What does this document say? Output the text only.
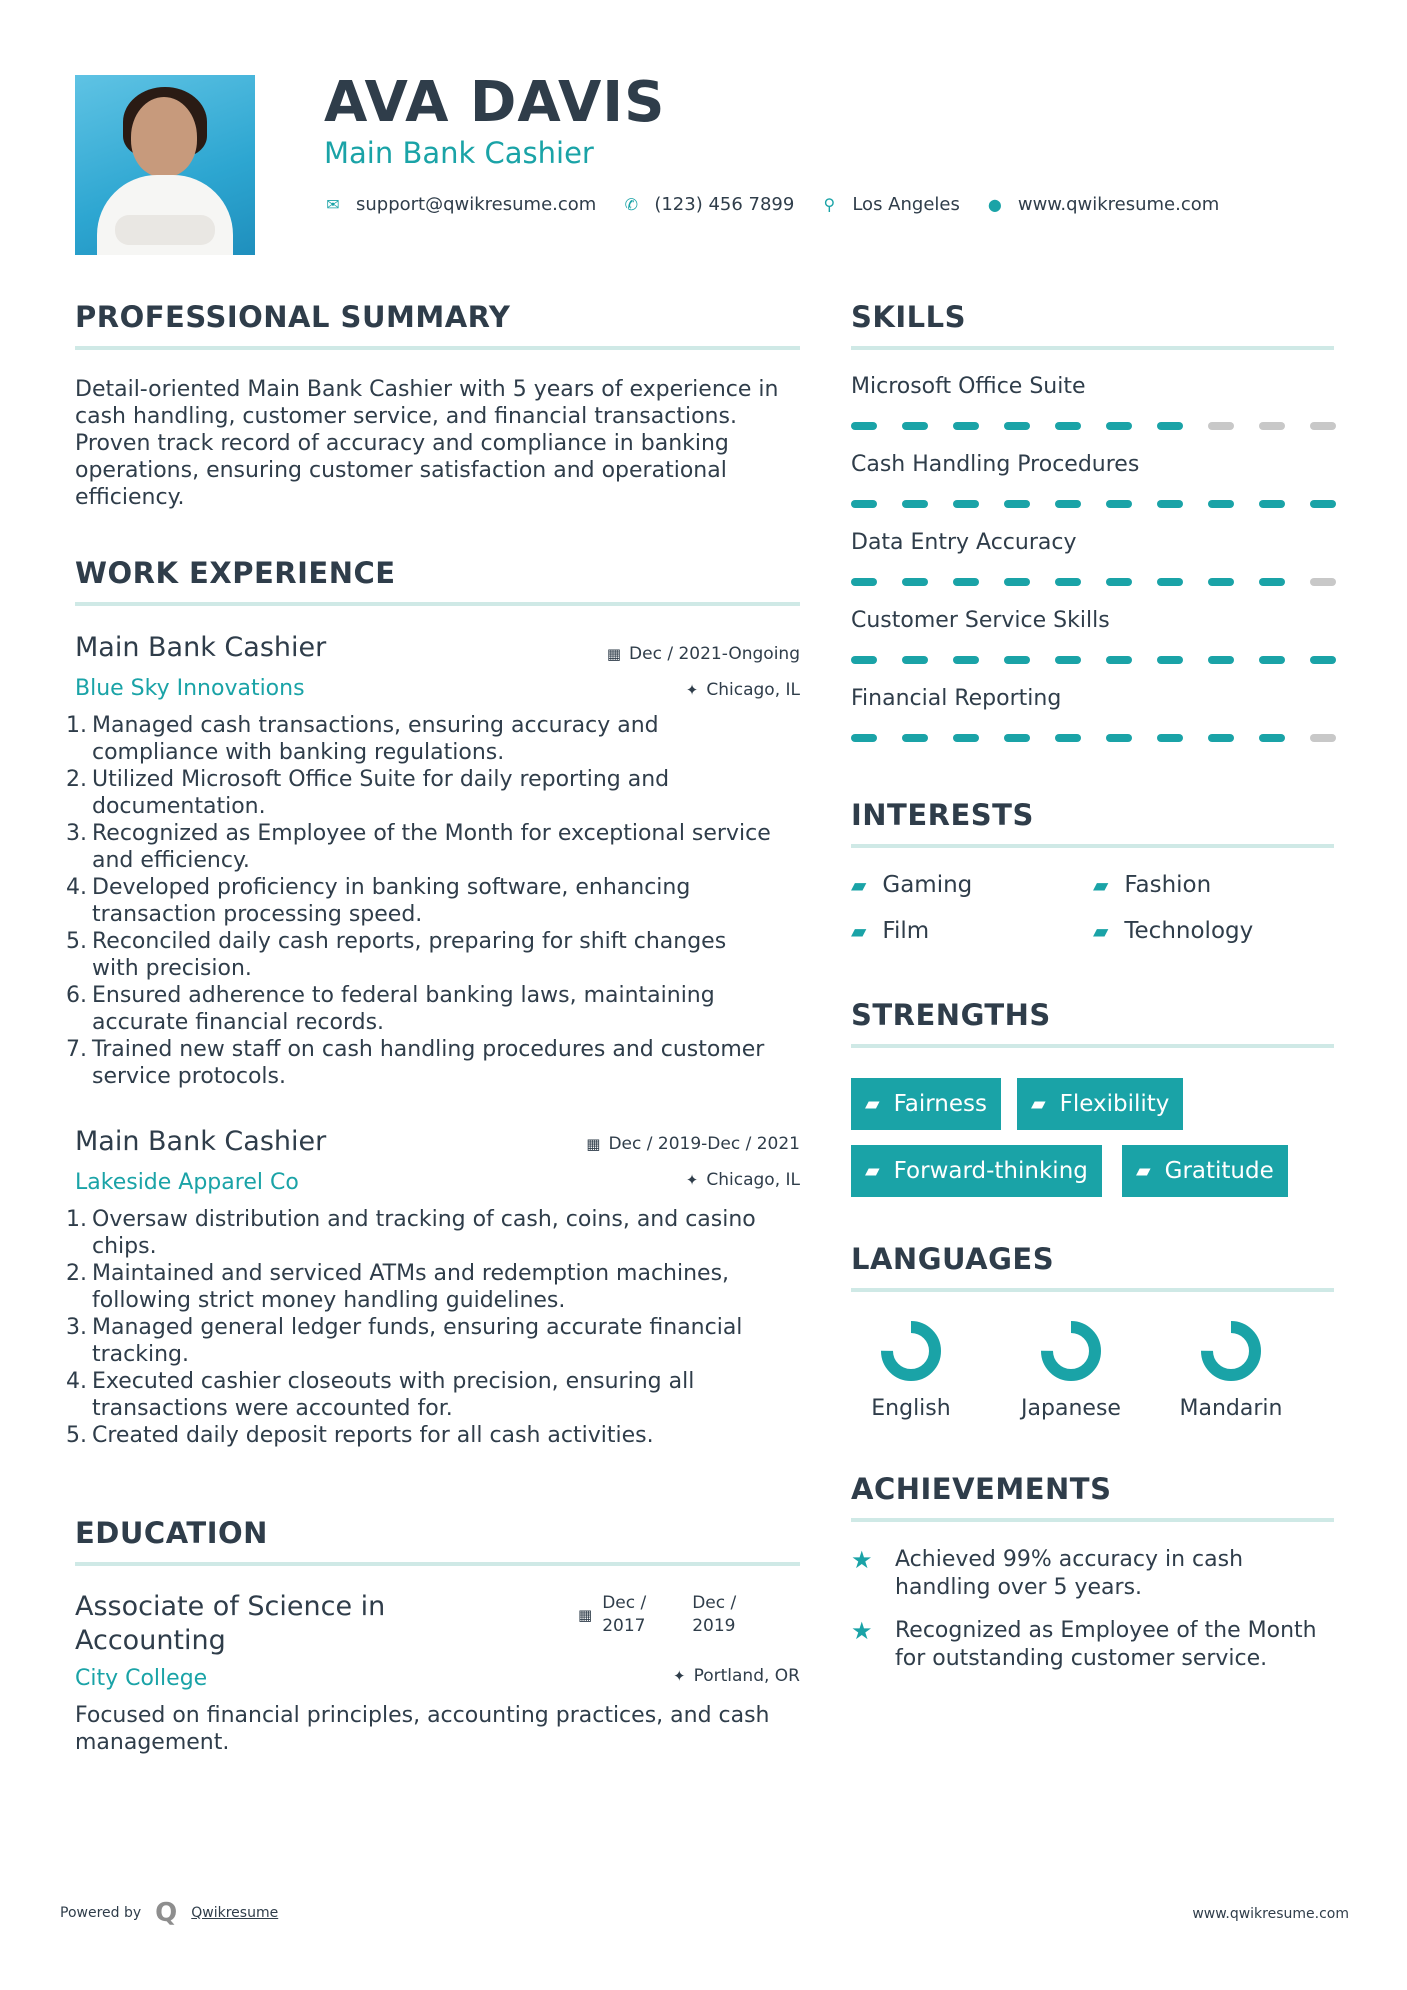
AVA DAVIS
Main Bank Cashier
✉ support@qwikresume.com ✆ (123) 456 7899 ⚲ Los Angeles ● www.qwikresume.com
PROFESSIONAL SUMMARY
Detail-oriented Main Bank Cashier with 5 years of experience in cash handling, customer service, and financial transactions. Proven track record of accuracy and compliance in banking operations, ensuring customer satisfaction and operational efficiency.
WORK EXPERIENCE
Main Bank Cashier
Blue Sky Innovations
▦ Dec / 2021-Ongoing
✦ Chicago, IL
1. Managed cash transactions, ensuring accuracy and
compliance with banking regulations.
2. Utilized Microsoft Office Suite for daily reporting and
documentation.
3. Recognized as Employee of the Month for exceptional service
and efficiency.
4. Developed proficiency in banking software, enhancing
transaction processing speed.
5. Reconciled daily cash reports, preparing for shift changes
with precision.
6. Ensured adherence to federal banking laws, maintaining
accurate financial records.
7. Trained new staff on cash handling procedures and customer
service protocols.
Main Bank Cashier
Lakeside Apparel Co
▦ Dec / 2019-Dec / 2021
✦ Chicago, IL
1. Oversaw distribution and tracking of cash, coins, and casino
chips.
2. Maintained and serviced ATMs and redemption machines,
following strict money handling guidelines.
3. Managed general ledger funds, ensuring accurate financial
tracking.
4. Executed cashier closeouts with precision, ensuring all
transactions were accounted for.
5. Created daily deposit reports for all cash activities.
EDUCATION
Associate of Science in
Accounting
City College
▦
Dec /
2017
Dec /
2019
✦ Portland, OR
Focused on financial principles, accounting practices, and cash management.
SKILLS
Microsoft Office Suite
Cash Handling Procedures
Data Entry Accuracy
Customer Service Skills
Financial Reporting
INTERESTS
▰ Gaming	▰ Fashion
▰ Film	▰ Technology
STRENGTHS
▰ Fairness ▰ Flexibility
▰ Forward-thinking	▰ Gratitude
LANGUAGES
English	Japanese	Mandarin
ACHIEVEMENTS
★	Achieved 99% accuracy in cash
handling over 5 years.
★	Recognized as Employee of the Month
for outstanding customer service.
Powered by Q Qwikresume	www.qwikresume.com
